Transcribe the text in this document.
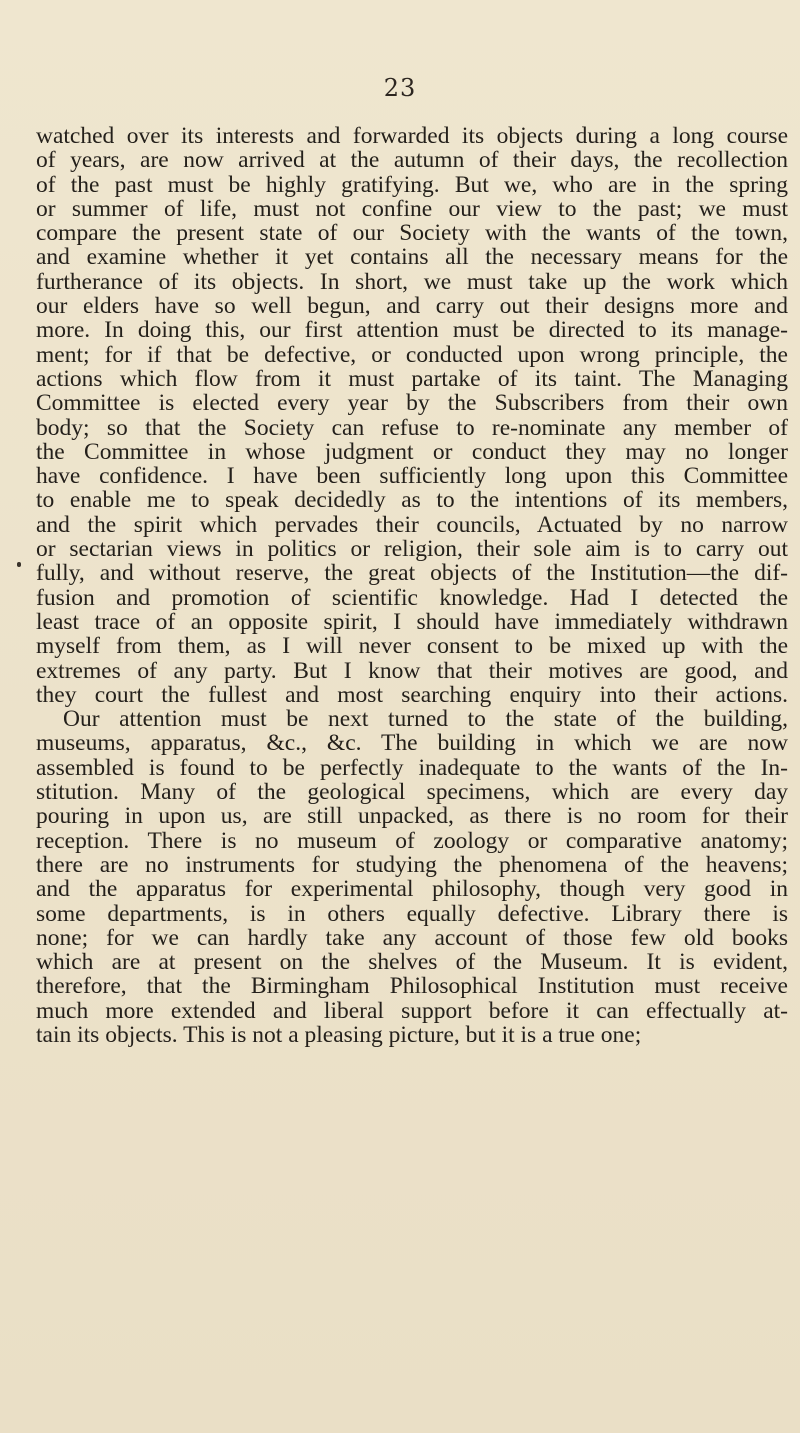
23
watched over its interests and forwarded its objects during a long course
of years, are now arrived at the autumn of their days, the recollection
of the past must be highly gratifying. But we, who are in the spring
or summer of life, must not confine our view to the past; we must
compare the present state of our Society with the wants of the town,
and examine whether it yet contains all the necessary means for the
furtherance of its objects. In short, we must take up the work which
our elders have so well begun, and carry out their designs more and
more. In doing this, our first attention must be directed to its manage-
ment; for if that be defective, or conducted upon wrong principle, the
actions which flow from it must partake of its taint. The Managing
Committee is elected every year by the Subscribers from their own
body; so that the Society can refuse to re-nominate any member of
the Committee in whose judgment or conduct they may no longer
have confidence. I have been sufficiently long upon this Committee
to enable me to speak decidedly as to the intentions of its members,
and the spirit which pervades their councils, Actuated by no narrow
or sectarian views in politics or religion, their sole aim is to carry out
fully, and without reserve, the great objects of the Institution—the dif-
fusion and promotion of scientific knowledge. Had I detected the
least trace of an opposite spirit, I should have immediately withdrawn
myself from them, as I will never consent to be mixed up with the
extremes of any party. But I know that their motives are good, and
they court the fullest and most searching enquiry into their actions.
Our attention must be next turned to the state of the building,
museums, apparatus, &c., &c. The building in which we are now
assembled is found to be perfectly inadequate to the wants of the In-
stitution. Many of the geological specimens, which are every day
pouring in upon us, are still unpacked, as there is no room for their
reception. There is no museum of zoology or comparative anatomy;
there are no instruments for studying the phenomena of the heavens;
and the apparatus for experimental philosophy, though very good in
some departments, is in others equally defective. Library there is
none; for we can hardly take any account of those few old books
which are at present on the shelves of the Museum. It is evident,
therefore, that the Birmingham Philosophical Institution must receive
much more extended and liberal support before it can effectually at-
tain its objects. This is not a pleasing picture, but it is a true one;
